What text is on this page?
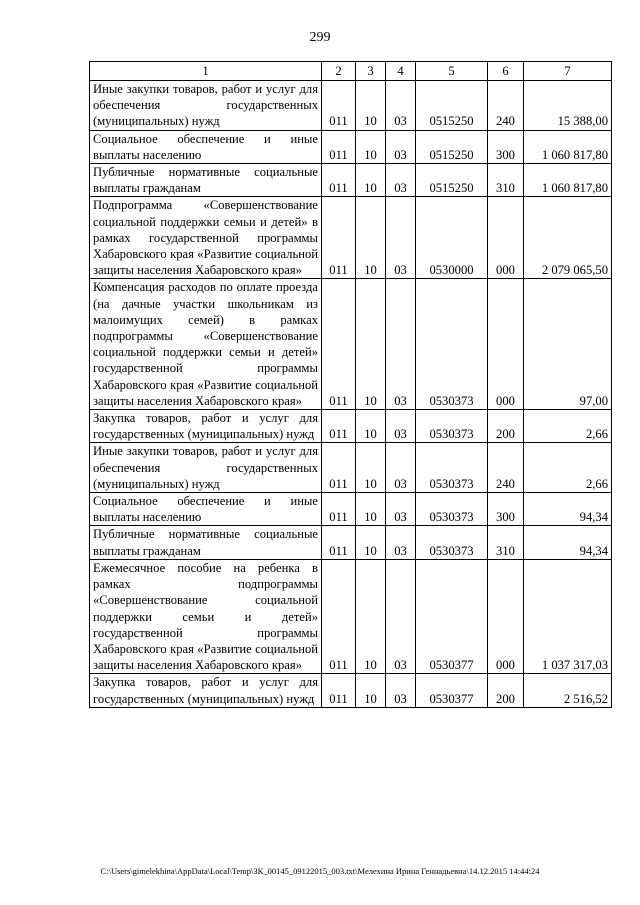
299
1	2	3	4	5	6	7
Иные закупки товаров, работ и услуг для обеспечения государственных (муниципальных) нужд	011	10	03	0515250	240	15 388,00
Социальное обеспечение и иные выплаты населению	011	10	03	0515250	300	1 060 817,80
Публичные нормативные социальные выплаты гражданам	011	10	03	0515250	310	1 060 817,80
Подпрограмма «Совершенствование социальной поддержки семьи и детей» в рамках государственной программы Хабаровского края «Развитие социальной защиты населения Хабаровского края»	011	10	03	0530000	000	2 079 065,50
Компенсация расходов по оплате проезда (на дачные участки школьникам из малоимущих семей) в рамках подпрограммы «Совершенствование социальной поддержки семьи и детей» государственной программы Хабаровского края «Развитие социальной защиты населения Хабаровского края»	011	10	03	0530373	000	97,00
Закупка товаров, работ и услуг для государственных (муниципальных) нужд	011	10	03	0530373	200	2,66
Иные закупки товаров, работ и услуг для обеспечения государственных (муниципальных) нужд	011	10	03	0530373	240	2,66
Социальное обеспечение и иные выплаты населению	011	10	03	0530373	300	94,34
Публичные нормативные социальные выплаты гражданам	011	10	03	0530373	310	94,34
Ежемесячное пособие на ребенка в рамках подпрограммы «Совершенствование социальной поддержки семьи и детей» государственной программы Хабаровского края «Развитие социальной защиты населения Хабаровского края»	011	10	03	0530377	000	1 037 317,03
Закупка товаров, работ и услуг для государственных (муниципальных) нужд	011	10	03	0530377	200	2 516,52
C:\Users\gimelekhina\AppData\Local\Temp\ЗК_00145_09122015_003.txt\Мелехина Ирина Геннадьевна\14.12.2015 14:44:24
